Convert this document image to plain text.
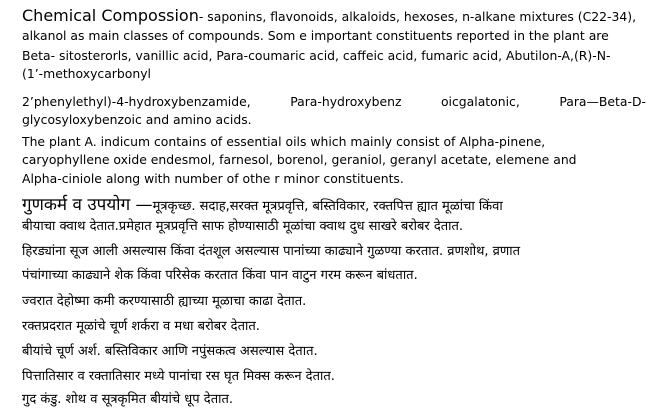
Chemical Compossion- saponins, flavonoids, alkaloids, hexoses, n-alkane mixtures (C22-34),
alkanol as main classes of compounds. Som e important constituents reported in the plant are
Beta- sitosterorls, vanillic acid, Para-coumaric acid, caffeic acid, fumaric acid, Abutilon-A,(R)-N-
(1’-methoxycarbonyl
2’phenylethyl)-4-hydroxybenzamide,	Para-hydroxybenz	oicgalatonic,	Para—Beta-D-
glycosyloxybenzoic and amino acids.
The plant A. indicum contains of essential oils which mainly consist of Alpha-pinene,
caryophyllene oxide endesmol, farnesol, borenol, geraniol, geranyl acetate, elemene and
Alpha-ciniole along with number of othe r minor constituents.
गुणकर्म व उपयोग —मूत्रकृच्छ. सदाह,सरक्त मूत्रप्रवृत्ति, बस्तिविकार, रक्तपित्त ह्यात मूळांचा किंवा
बीयाचा क्वाथ देतात.प्रमेहात मूत्रप्रवृत्ति साफ होण्यासाठी मूळांचा क्वाथ दुध साखरे बरोबर देतात.
हिरड्यांना सूज आली असल्यास किंवा दंतशूल असल्यास पानांच्या काढ्याने गुळण्या करतात. व्रणशोथ, व्रणात
पंचांगाच्या काढ्याने शेक किंवा परिसेक करतात किंवा पान वाटुन गरम करून बांधतात.
ज्वरात देहोष्मा कमी करण्यासाठी ह्याच्या मूळाचा काढा देतात.
रक्तप्रदरात मूळांचे चूर्ण शर्करा व मधा बरोबर देतात.
बीयांचे चूर्ण अर्श. बस्तिविकार आणि नपुंसकत्व असल्यास देतात.
पित्तातिसार व रक्तातिसार मध्ये पानांचा रस घृत मिक्स करून देतात.
गुद कंडु. शोथ व सूत्रकृमित बीयांचे धूप देतात.
